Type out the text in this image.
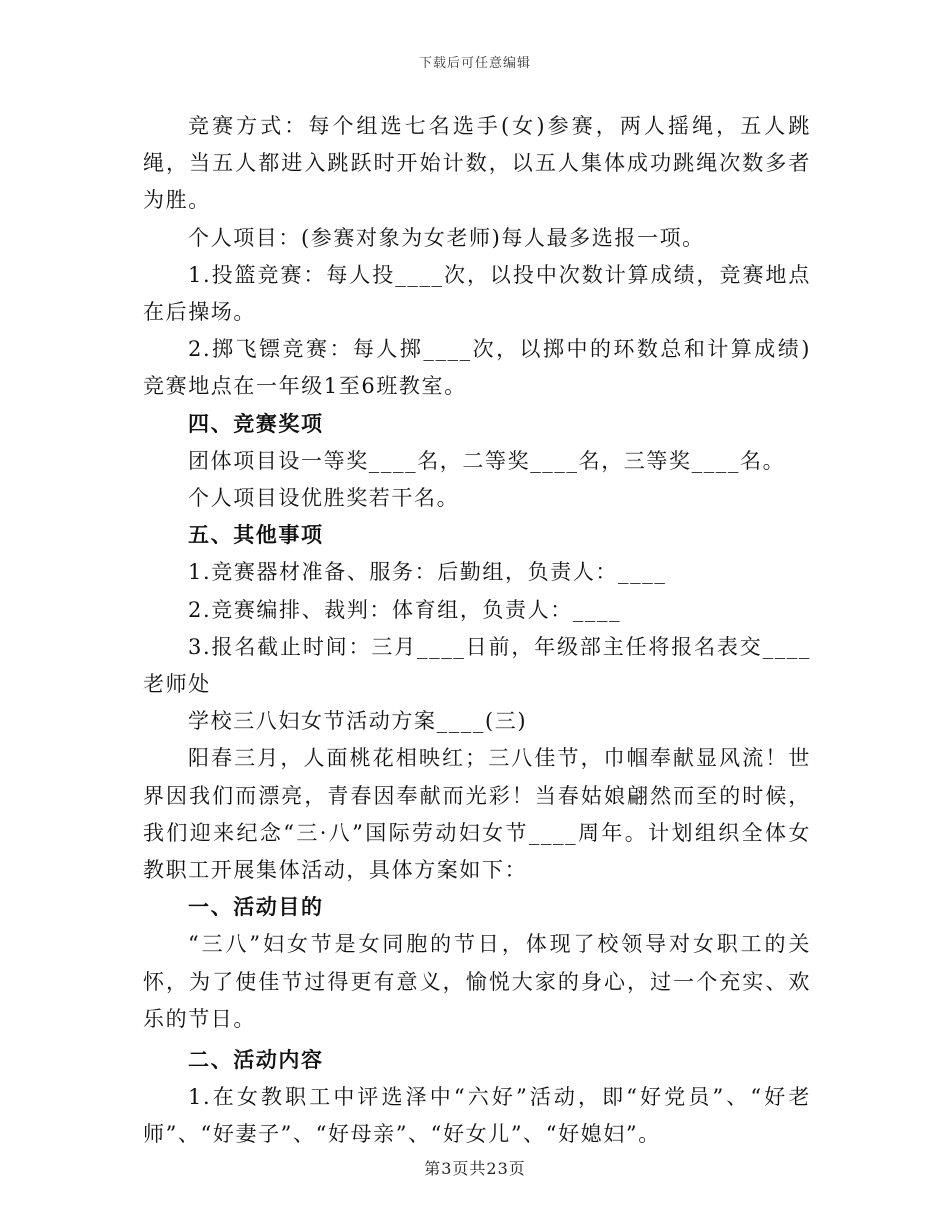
下载后可任意编辑

竞赛方式：每个组选七名选手(女)参赛，两人摇绳，五人跳绳，当五人都进入跳跃时开始计数，以五人集体成功跳绳次数多者为胜。

个人项目：(参赛对象为女老师)每人最多选报一项。

1.投篮竞赛：每人投____次，以投中次数计算成绩，竞赛地点在后操场。

2.掷飞镖竞赛：每人掷____次，以掷中的环数总和计算成绩)竞赛地点在一年级1至6班教室。

四、竞赛奖项

团体项目设一等奖____名，二等奖____名，三等奖____名。

个人项目设优胜奖若干名。

五、其他事项

1.竞赛器材准备、服务：后勤组，负责人：____

2.竞赛编排、裁判：体育组，负责人：____

3.报名截止时间：三月____日前，年级部主任将报名表交____老师处

学校三八妇女节活动方案____(三)

阳春三月，人面桃花相映红；三八佳节，巾帼奉献显风流！世界因我们而漂亮，青春因奉献而光彩！当春姑娘翩然而至的时候，我们迎来纪念“三·八”国际劳动妇女节____周年。计划组织全体女教职工开展集体活动，具体方案如下：

一、活动目的

“三八”妇女节是女同胞的节日，体现了校领导对女职工的关怀，为了使佳节过得更有意义，愉悦大家的身心，过一个充实、欢乐的节日。

二、活动内容

1.在女教职工中评选泽中“六好”活动，即“好党员”、“好老师”、“好妻子”、“好母亲”、“好女儿”、“好媳妇”。

第3页共23页
